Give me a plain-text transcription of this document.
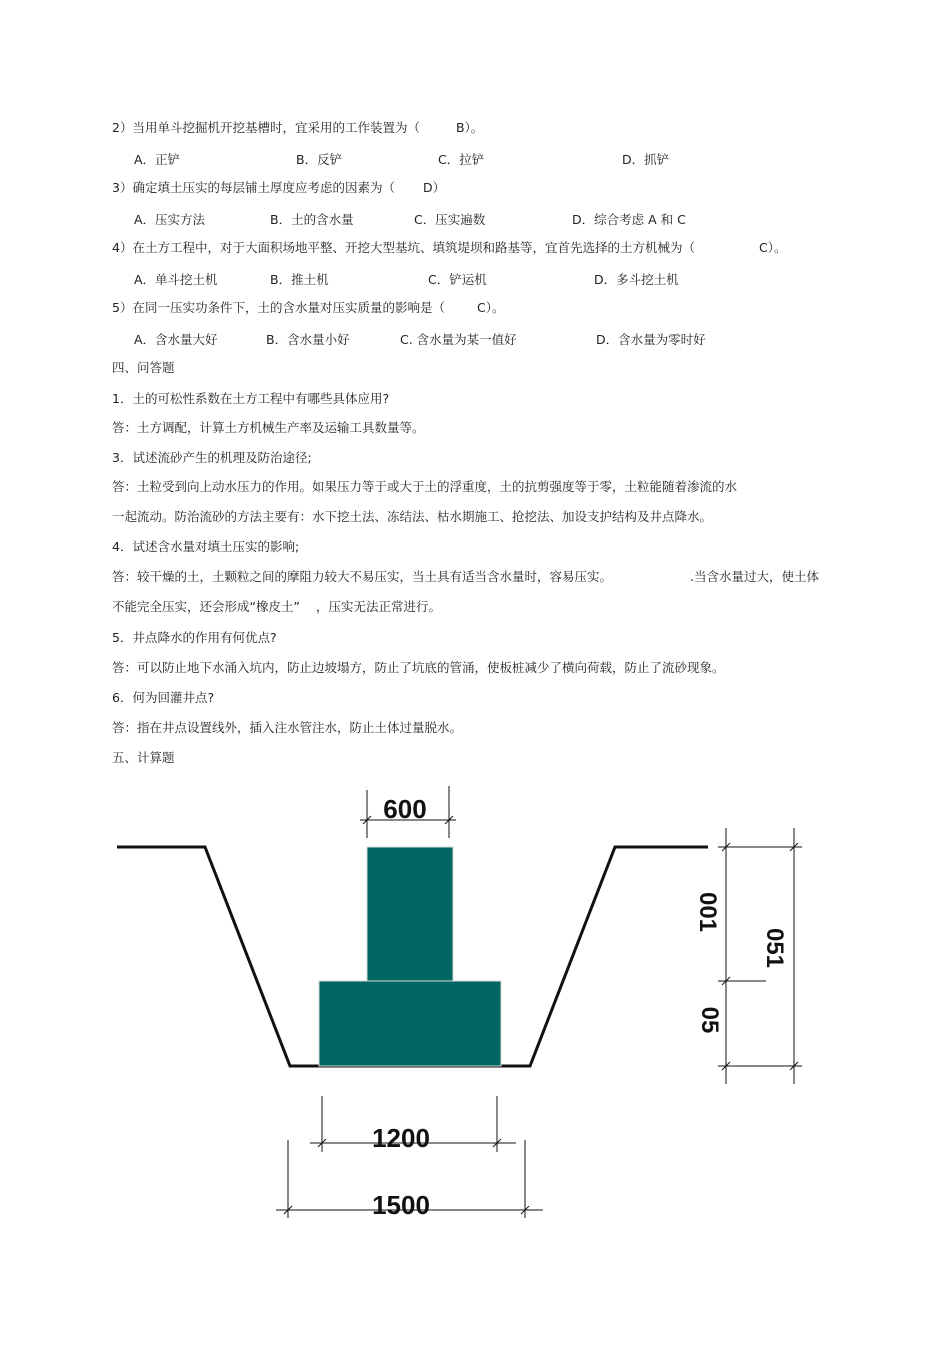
2）当用单斗挖掘机开挖基槽时，宜采用的工作装置为（	B）。
A．正铲	B．反铲	C．拉铲	D．抓铲
3）确定填土压实的每层铺土厚度应考虑的因素为（ D）
A．压实方法	B．土的含水量	C．压实遍数	D．综合考虑 A 和 C
4）在土方工程中，对于大面积场地平整、开挖大型基坑、填筑堤坝和路基等，宜首先选择的土方机械为（	C）。
A．单斗挖土机	B．推土机	C．铲运机	D．多斗挖土机
5）在同一压实功条件下，土的含水量对压实质量的影响是（	C）。
A．含水量大好	B．含水量小好	C. 含水量为某一值好	D．含水量为零时好
四、问答题
1．土的可松性系数在土方工程中有哪些具体应用?
答：土方调配，计算土方机械生产率及运输工具数量等。
3．试述流砂产生的机理及防治途径;
答：土粒受到向上动水压力的作用。如果压力等于或大于土的浮重度，土的抗剪强度等于零，土粒能随着渗流的水
一起流动。防治流砂的方法主要有：水下挖土法、冻结法、枯水期施工、抢挖法、加设支护结构及井点降水。
4．试述含水量对填土压实的影响;
答：较干燥的土，土颗粒之间的摩阻力较大不易压实，当土具有适当含水量时，容易压实。	.当含水量过大，使土体
不能完全压实，还会形成“橡皮土” ，压实无法正常进行。
5．井点降水的作用有何优点?
答：可以防止地下水涌入坑内，防止边坡塌方，防止了坑底的管涌，使板桩减少了横向荷载，防止了流砂现象。
6．何为回灌井点?
答：指在井点设置线外，插入注水管注水，防止土体过量脱水。
五、计算题
600
1200
1500
001
051
05
